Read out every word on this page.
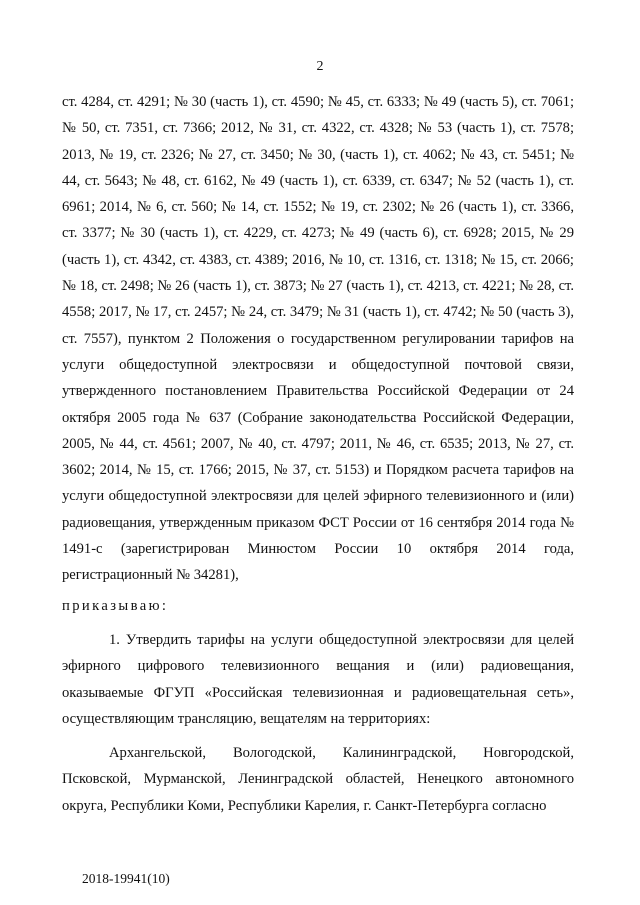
2

ст. 4284, ст. 4291; № 30 (часть 1), ст. 4590; № 45, ст. 6333; № 49 (часть 5), ст. 7061; № 50, ст. 7351, ст. 7366; 2012, № 31, ст. 4322, ст. 4328; № 53 (часть 1), ст. 7578; 2013, № 19, ст. 2326; № 27, ст. 3450; № 30, (часть 1), ст. 4062; № 43, ст. 5451; № 44, ст. 5643; № 48, ст. 6162, № 49 (часть 1), ст. 6339, ст. 6347; № 52 (часть 1), ст. 6961; 2014, № 6, ст. 560; № 14, ст. 1552; № 19, ст. 2302; № 26 (часть 1), ст. 3366, ст. 3377; № 30 (часть 1), ст. 4229, ст. 4273; № 49 (часть 6), ст. 6928; 2015, № 29 (часть 1), ст. 4342, ст. 4383, ст. 4389; 2016, № 10, ст. 1316, ст. 1318; № 15, ст. 2066; № 18, ст. 2498; № 26 (часть 1), ст. 3873; № 27 (часть 1), ст. 4213, ст. 4221; № 28, ст. 4558; 2017, № 17, ст. 2457; № 24, ст. 3479; № 31 (часть 1), ст. 4742; № 50 (часть 3), ст. 7557), пунктом 2 Положения о государственном регулировании тарифов на услуги общедоступной электросвязи и общедоступной почтовой связи, утвержденного постановлением Правительства Российской Федерации от 24 октября 2005 года № 637 (Собрание законодательства Российской Федерации, 2005, № 44, ст. 4561; 2007, № 40, ст. 4797; 2011, № 46, ст. 6535; 2013, № 27, ст. 3602; 2014, № 15, ст. 1766; 2015, № 37, ст. 5153) и Порядком расчета тарифов на услуги общедоступной электросвязи для целей эфирного телевизионного и (или) радиовещания, утвержденным приказом ФСТ России от 16 сентября 2014 года № 1491-с (зарегистрирован Минюстом России 10 октября 2014 года, регистрационный № 34281),

приказываю:

1. Утвердить тарифы на услуги общедоступной электросвязи для целей эфирного цифрового телевизионного вещания и (или) радиовещания, оказываемые ФГУП «Российская телевизионная и радиовещательная сеть», осуществляющим трансляцию, вещателям на территориях:

Архангельской, Вологодской, Калининградской, Новгородской, Псковской, Мурманской, Ленинградской областей, Ненецкого автономного округа, Республики Коми, Республики Карелия, г. Санкт-Петербурга согласно

2018-19941(10)
